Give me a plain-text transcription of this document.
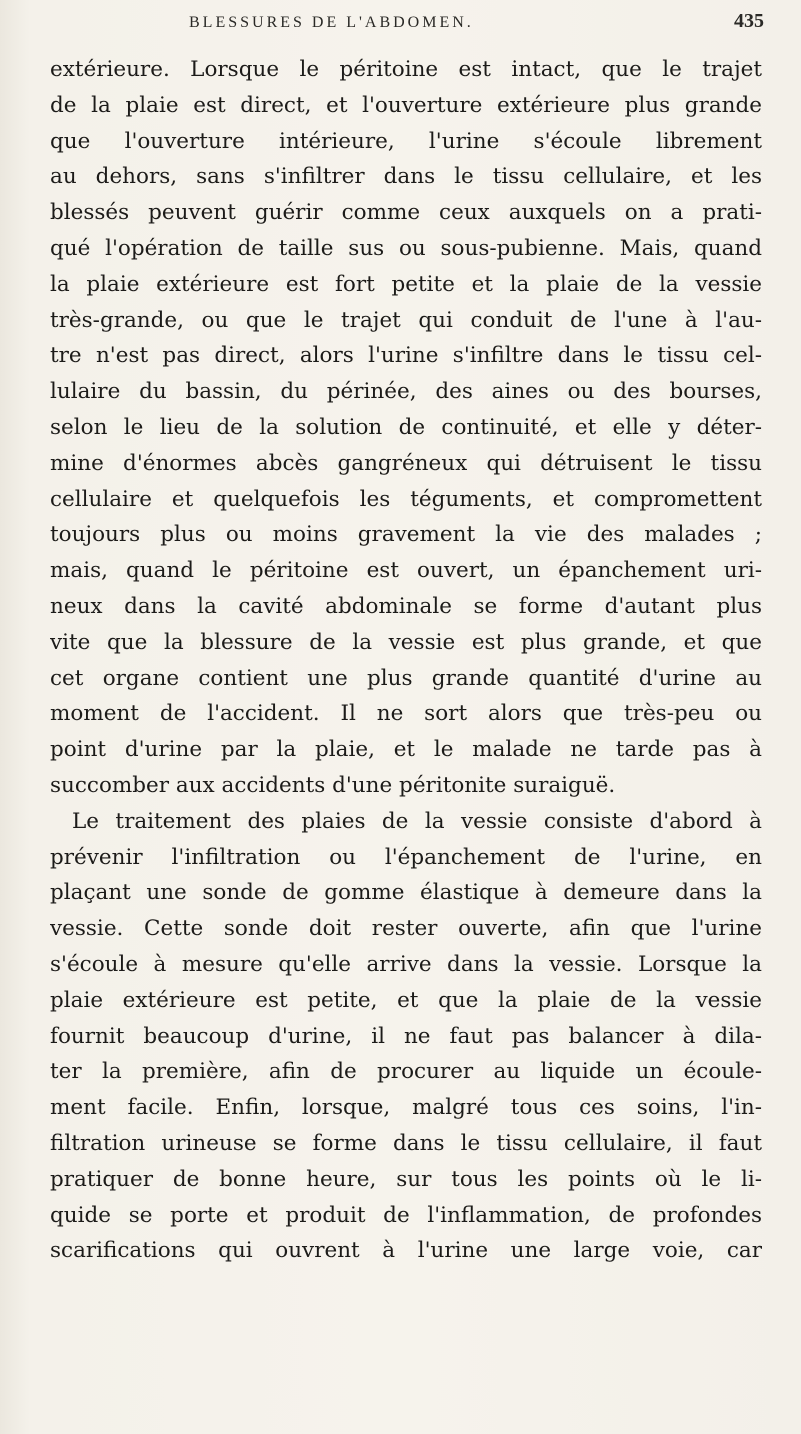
BLESSURES DE L'ABDOMEN.	435
extérieure. Lorsque le péritoine est intact, que le trajet
de la plaie est direct, et l'ouverture extérieure plus grande
que l'ouverture intérieure, l'urine s'écoule librement
au dehors, sans s'infiltrer dans le tissu cellulaire, et les
blessés peuvent guérir comme ceux auxquels on a prati-
qué l'opération de taille sus ou sous-pubienne. Mais, quand
la plaie extérieure est fort petite et la plaie de la vessie
très-grande, ou que le trajet qui conduit de l'une à l'au-
tre n'est pas direct, alors l'urine s'infiltre dans le tissu cel-
lulaire du bassin, du périnée, des aines ou des bourses,
selon le lieu de la solution de continuité, et elle y déter-
mine d'énormes abcès gangréneux qui détruisent le tissu
cellulaire et quelquefois les téguments, et compromettent
toujours plus ou moins gravement la vie des malades ;
mais, quand le péritoine est ouvert, un épanchement uri-
neux dans la cavité abdominale se forme d'autant plus
vite que la blessure de la vessie est plus grande, et que
cet organe contient une plus grande quantité d'urine au
moment de l'accident. Il ne sort alors que très-peu ou
point d'urine par la plaie, et le malade ne tarde pas à
succomber aux accidents d'une péritonite suraiguë.
Le traitement des plaies de la vessie consiste d'abord à
prévenir l'infiltration ou l'épanchement de l'urine, en
plaçant une sonde de gomme élastique à demeure dans la
vessie. Cette sonde doit rester ouverte, afin que l'urine
s'écoule à mesure qu'elle arrive dans la vessie. Lorsque la
plaie extérieure est petite, et que la plaie de la vessie
fournit beaucoup d'urine, il ne faut pas balancer à dila-
ter la première, afin de procurer au liquide un écoule-
ment facile. Enfin, lorsque, malgré tous ces soins, l'in-
filtration urineuse se forme dans le tissu cellulaire, il faut
pratiquer de bonne heure, sur tous les points où le li-
quide se porte et produit de l'inflammation, de profondes
scarifications qui ouvrent à l'urine une large voie, car
